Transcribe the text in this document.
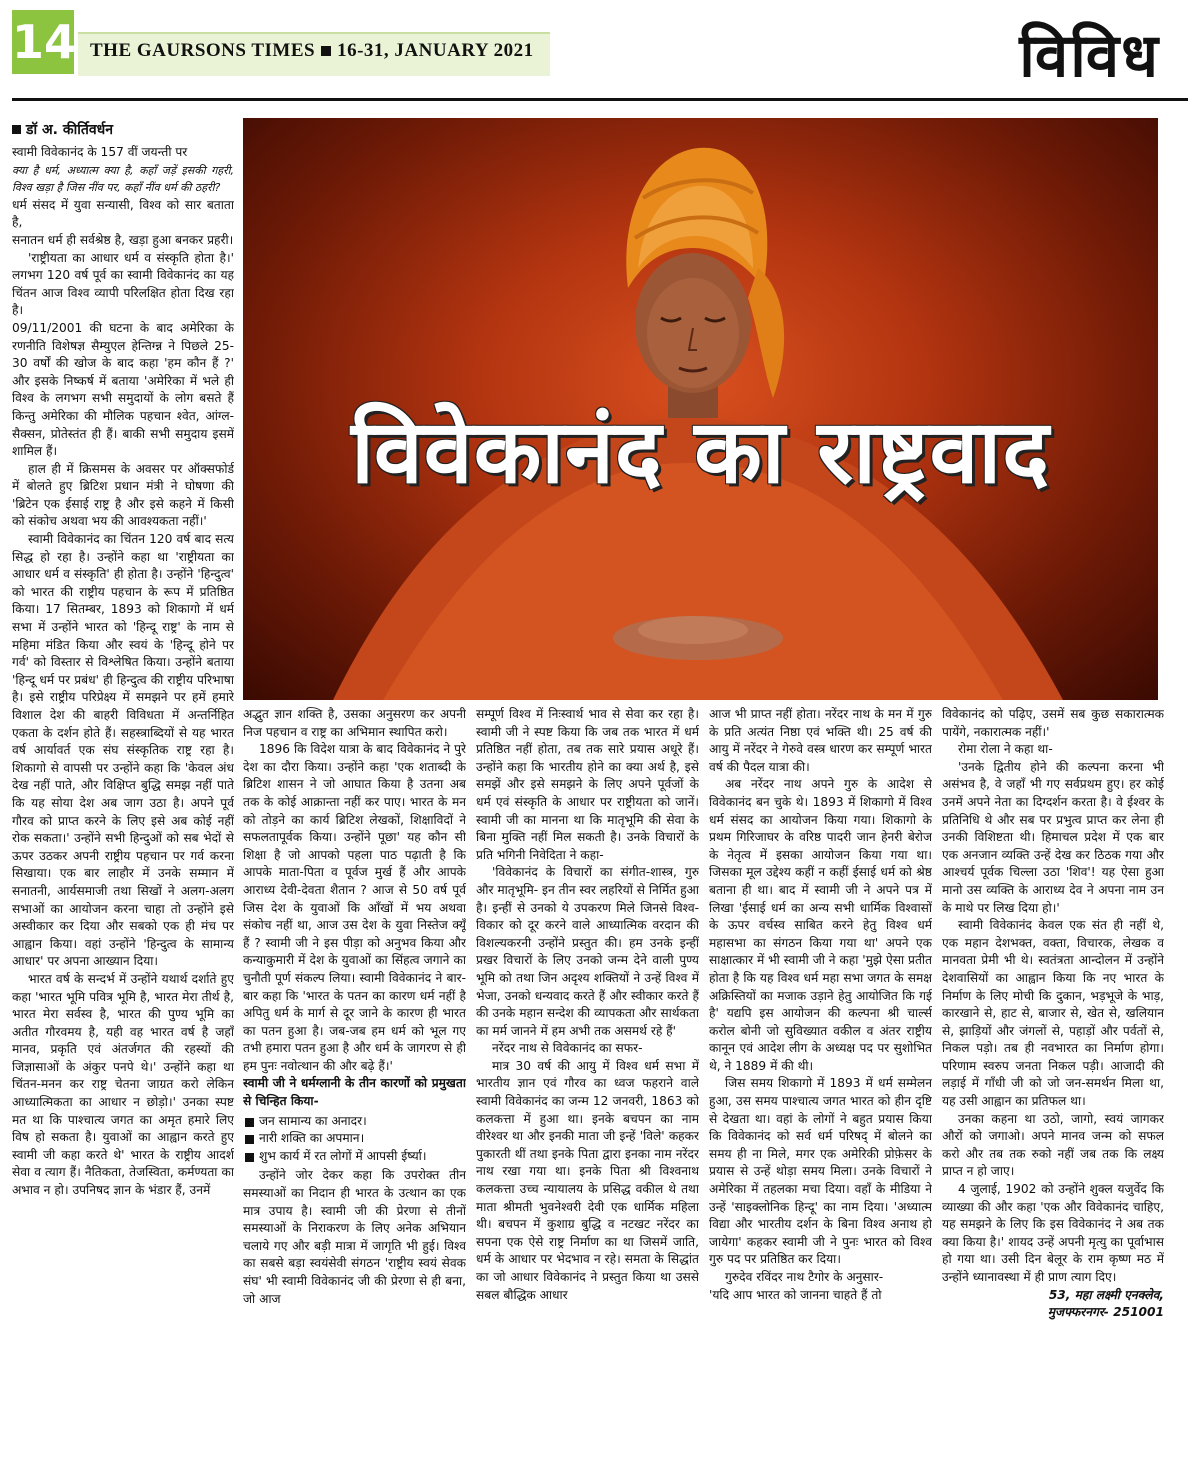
14 THE GAURSONS TIMES 16-31, JANUARY 2021	विविध
डॉ अ. कीर्तिवर्धन
विवेकानंद का राष्ट्रवाद

स्वामी विवेकानंद के 157 वीं जयन्ती पर

क्या है धर्म, अध्यात्म क्या है, कहाँ जड़ें इसकी गहरी, विश्व खड़ा है जिस नींव पर, कहाँ नींव धर्म की ठहरी?

धर्म संसद में युवा सन्यासी, विश्व को सार बताता है,

सनातन धर्म ही सर्वश्रेष्ठ है, खड़ा हुआ बनकर प्रहरी।

'राष्ट्रीयता का आधार धर्म व संस्कृति होता है।' लगभग 120 वर्ष पूर्व का स्वामी विवेकानंद का यह चिंतन आज विश्व व्यापी परिलक्षित होता दिख रहा है।

09/11/2001 की घटना के बाद अमेरिका के रणनीति विशेषज्ञ सैम्युएल हेन्तिग्न्न ने पिछले 25-30 वर्षों की खोज के बाद कहा 'हम कौन हैं ?' और इसके निष्कर्ष में बताया 'अमेरिका में भले ही विश्व के लगभग सभी समुदायों के लोग बसते हैं किन्तु अमेरिका की मौलिक पहचान श्वेत, आंग्ल-सैक्सन, प्रोतेस्तंत ही हैं। बाकी सभी समुदाय इसमें शामिल हैं।

हाल ही में क्रिसमस के अवसर पर ऑक्सफोर्ड में बोलते हुए ब्रिटिश प्रधान मंत्री ने घोषणा की 'ब्रिटेन एक ईसाई राष्ट्र है और इसे कहने में किसी को संकोच अथवा भय की आवश्यकता नहीं।'

स्वामी विवेकानंद का चिंतन 120 वर्ष बाद सत्य सिद्ध हो रहा है। उन्होंने कहा था 'राष्ट्रीयता का आधार धर्म व संस्कृति' ही होता है। उन्होंने 'हिन्दुत्व' को भारत की राष्ट्रीय पहचान के रूप में प्रतिष्ठित किया। 17 सितम्बर, 1893 को शिकागो में धर्म सभा में उन्होंने भारत को 'हिन्दू राष्ट्र' के नाम से महिमा मंडित किया और स्वयं के 'हिन्दू होने पर गर्व' को विस्तार से विश्लेषित किया। उन्होंने बताया 'हिन्दू धर्म पर प्रबंध' ही हिन्दुत्व की राष्ट्रीय परिभाषा है। इसे राष्ट्रीय परिप्रेक्ष्य में समझने पर हमें हमारे विशाल देश की बाहरी विविधता में अन्तर्निहित एकता के दर्शन होते हैं। सहस्त्राब्दियों से यह भारत वर्ष आर्यावर्त एक संघ संस्कृतिक राष्ट्र रहा है। शिकागो से वापसी पर उन्होंने कहा कि 'केवल अंध देख नहीं पाते, और विक्षिप्त बुद्धि समझ नहीं पाते कि यह सोया देश अब जाग उठा है। अपने पूर्व गौरव को प्राप्त करने के लिए इसे अब कोई नहीं रोक सकता।' उन्होंने सभी हिन्दुओं को सब भेदों से ऊपर उठकर अपनी राष्ट्रीय पहचान पर गर्व करना सिखाया। एक बार लाहौर में उनके सम्मान में सनातनी, आर्यसमाजी तथा सिखों ने अलग-अलग सभाओं का आयोजन करना चाहा तो उन्होंने इसे अस्वीकार कर दिया और सबको एक ही मंच पर आह्वान किया। वहां उन्होंने 'हिन्दुत्व के सामान्य आधार' पर अपना आख्यान दिया।

भारत वर्ष के सन्दर्भ में उन्होंने यथार्थ दर्शाते हुए कहा 'भारत भूमि पवित्र भूमि है, भारत मेरा तीर्थ है, भारत मेरा सर्वस्व है, भारत की पुण्य भूमि का अतीत गौरवमय है, यही वह भारत वर्ष है जहाँ मानव, प्रकृति एवं अंतर्जगत की रहस्यों की जिज्ञासाओं के अंकुर पनपे थे।' उन्होंने कहा था चिंतन-मनन कर राष्ट्र चेतना जाग्रत करो लेकिन आध्यात्मिकता का आधार न छोड़ो।' उनका स्पष्ट मत था कि पाश्चात्य जगत का अमृत हमारे लिए विष हो सकता है। युवाओं का आह्वान करते हुए स्वामी जी कहा करते थे' भारत के राष्ट्रीय आदर्श सेवा व त्याग हैं। नैतिकता, तेजस्विता, कर्मण्यता का अभाव न हो। उपनिषद ज्ञान के भंडार हैं, उनमें

अद्भुत ज्ञान शक्ति है, उसका अनुसरण कर अपनी निज पहचान व राष्ट्र का अभिमान स्थापित करो।

1896 कि विदेश यात्रा के बाद विवेकानंद ने पुरे देश का दौरा किया। उन्होंने कहा 'एक शताब्दी के ब्रिटिश शासन ने जो आघात किया है उतना अब तक के कोई आक्रान्ता नहीं कर पाए। भारत के मन को तोड़ने का कार्य ब्रिटिश लेखकों, शिक्षाविदों ने सफलतापूर्वक किया। उन्होंने पूछा' यह कौन सी शिक्षा है जो आपको पहला पाठ पढ़ाती है कि आपके माता-पिता व पूर्वज मुर्ख हैं और आपके आराध्य देवी-देवता शैतान ? आज से 50 वर्ष पूर्व जिस देश के युवाओं कि आँखों में भय अथवा संकोच नहीं था, आज उस देश के युवा निस्तेज क्यूँ हैं ? स्वामी जी ने इस पीड़ा को अनुभव किया और कन्याकुमारी में देश के युवाओं का सिंहत्व जगाने का चुनौती पूर्ण संकल्प लिया। स्वामी विवेकानंद ने बार-बार कहा कि 'भारत के पतन का कारण धर्म नहीं है अपितु धर्म के मार्ग से दूर जाने के कारण ही भारत का पतन हुआ है। जब-जब हम धर्म को भूल गए तभी हमारा पतन हुआ है और धर्म के जागरण से ही हम पुनः नवोत्थान की और बढ़े हैं।'

स्वामी जी ने धर्मग्लानी के तीन कारणों को प्रमुखता से चिन्हित किया-

जन सामान्य का अनादर।
नारी शक्ति का अपमान।
शुभ कार्य में रत लोगों में आपसी ईर्ष्या।

उन्होंने जोर देकर कहा कि उपरोक्त तीन समस्याओं का निदान ही भारत के उत्थान का एक मात्र उपाय है। स्वामी जी की प्रेरणा से तीनों समस्याओं के निराकरण के लिए अनेक अभियान चलाये गए और बड़ी मात्रा में जागृति भी हुई। विश्व का सबसे बड़ा स्वयंसेवी संगठन 'राष्ट्रीय स्वयं सेवक संघ' भी स्वामी विवेकानंद जी की प्रेरणा से ही बना, जो आज

सम्पूर्ण विश्व में निःस्वार्थ भाव से सेवा कर रहा है। स्वामी जी ने स्पष्ट किया कि जब तक भारत में धर्म प्रतिष्ठित नहीं होता, तब तक सारे प्रयास अधूरे हैं। उन्होंने कहा कि भारतीय होने का क्या अर्थ है, इसे समझें और इसे समझने के लिए अपने पूर्वजों के धर्म एवं संस्कृति के आधार पर राष्ट्रीयता को जानें। स्वामी जी का मानना था कि मातृभूमि की सेवा के बिना मुक्ति नहीं मिल सकती है। उनके विचारों के प्रति भगिनी निवेदिता ने कहा-

'विवेकानंद के विचारों का संगीत-शास्त्र, गुरु और मातृभूमि- इन तीन स्वर लहरियों से निर्मित हुआ है। इन्हीं से उनको ये उपकरण मिले जिनसे विश्व-विकार को दूर करने वाले आध्यात्मिक वरदान की विशल्यकरनी उन्होंने प्रस्तुत की। हम उनके इन्हीं प्रखर विचारों के लिए उनको जन्म देने वाली पुण्य भूमि को तथा जिन अदृश्य शक्तियों ने उन्हें विश्व में भेजा, उनको धन्यवाद करते हैं और स्वीकार करते हैं की उनके महान सन्देश की व्यापकता और सार्थकता का मर्म जानने में हम अभी तक असमर्थ रहे हैं'

नरेंदर नाथ से विवेकानंद का सफर-

मात्र 30 वर्ष की आयु में विश्व धर्म सभा में भारतीय ज्ञान एवं गौरव का ध्वज फहराने वाले स्वामी विवेकानंद का जन्म 12 जनवरी, 1863 को कलकत्ता में हुआ था। इनके बचपन का नाम वीरेश्वर था और इनकी माता जी इन्हें 'विले' कहकर पुकारती थीं तथा इनके पिता द्वारा इनका नाम नरेंदर नाथ रखा गया था। इनके पिता श्री विश्वनाथ कलकत्ता उच्च न्यायालय के प्रसिद्ध वकील थे तथा माता श्रीमती भुवनेश्वरी देवी एक धार्मिक महिला थी। बचपन में कुशाग्र बुद्धि व नटखट नरेंदर का सपना एक ऐसे राष्ट्र निर्माण का था जिसमें जाति, धर्म के आधार पर भेदभाव न रहे। समता के सिद्धांत का जो आधार विवेकानंद ने प्रस्तुत किया था उससे सबल बौद्धिक आधार

आज भी प्राप्त नहीं होता। नरेंदर नाथ के मन में गुरु के प्रति अत्यंत निष्ठा एवं भक्ति थी। 25 वर्ष की आयु में नरेंदर ने गेरुवे वस्त्र धारण कर सम्पूर्ण भारत वर्ष की पैदल यात्रा की।

अब नरेंदर नाथ अपने गुरु के आदेश से विवेकानंद बन चुके थे। 1893 में शिकागो में विश्व धर्म संसद का आयोजन किया गया। शिकागो के प्रथम गिरिजाघर के वरिष्ठ पादरी जान हेनरी बेरोज के नेतृत्व में इसका आयोजन किया गया था। जिसका मूल उद्देश्य कहीं न कहीं ईसाई धर्म को श्रेष्ठ बताना ही था। बाद में स्वामी जी ने अपने पत्र में लिखा 'ईसाई धर्म का अन्य सभी धार्मिक विश्वासों के ऊपर वर्चस्व साबित करने हेतु विश्व धर्म महासभा का संगठन किया गया था' अपने एक साक्षात्कार में भी स्वामी जी ने कहा 'मुझे ऐसा प्रतीत होता है कि यह विश्व धर्म महा सभा जगत के समक्ष अक्रिस्तियों का मजाक उड़ाने हेतु आयोजित कि गई है' यद्यपि इस आयोजन की कल्पना श्री चार्ल्स करोल बोनी जो सुविख्यात वकील व अंतर राष्ट्रीय कानून एवं आदेश लीग के अध्यक्ष पद पर सुशोभित थे, ने 1889 में की थी।

जिस समय शिकागो में 1893 में धर्म सम्मेलन हुआ, उस समय पाश्चात्य जगत भारत को हीन दृष्टि से देखता था। वहां के लोगों ने बहुत प्रयास किया कि विवेकानंद को सर्व धर्म परिषद् में बोलने का समय ही ना मिले, मगर एक अमेरिकी प्रोफ़ेसर के प्रयास से उन्हें थोड़ा समय मिला। उनके विचारों ने अमेरिका में तहलका मचा दिया। वहाँ के मीडिया ने उन्हें 'साइक्लोनिक हिन्दू' का नाम दिया। 'अध्यात्म विद्या और भारतीय दर्शन के बिना विश्व अनाथ हो जायेगा' कहकर स्वामी जी ने पुनः भारत को विश्व गुरु पद पर प्रतिष्ठित कर दिया।

गुरुदेव रविंदर नाथ टैगोर के अनुसार-

'यदि आप भारत को जानना चाहते हैं तो

विवेकानंद को पढ़िए, उसमें सब कुछ सकारात्मक पायेंगे, नकारात्मक नहीं।'

रोमा रोला ने कहा था-

'उनके द्वितीय होने की कल्पना करना भी असंभव है, वे जहाँ भी गए सर्वप्रथम हुए। हर कोई उनमें अपने नेता का दिग्दर्शन करता है। वे ईश्वर के प्रतिनिधि थे और सब पर प्रभुत्व प्राप्त कर लेना ही उनकी विशिष्टता थी। हिमाचल प्रदेश में एक बार एक अनजान व्यक्ति उन्हें देख कर ठिठक गया और आश्चर्य पूर्वक चिल्ला उठा 'शिव'! यह ऐसा हुआ मानो उस व्यक्ति के आराध्य देव ने अपना नाम उन के माथे पर लिख दिया हो।'

स्वामी विवेकानंद केवल एक संत ही नहीं थे, एक महान देशभक्त, वक्ता, विचारक, लेखक व मानवता प्रेमी भी थे। स्वतंत्रता आन्दोलन में उन्होंने देशवासियों का आह्वान किया कि नए भारत के निर्माण के लिए मोची कि दुकान, भड़भूजे के भाड़, कारखाने से, हाट से, बाजार से, खेत से, खलियान से, झाड़ियों और जंगलों से, पहाड़ों और पर्वतों से, निकल पड़ो। तब ही नवभारत का निर्माण होगा। परिणाम स्वरुप जनता निकल पड़ी। आजादी की लड़ाई में गाँधी जी को जो जन-समर्थन मिला था, यह उसी आह्वान का प्रतिफल था।

उनका कहना था उठो, जागो, स्वयं जागकर औरों को जगाओ। अपने मानव जन्म को सफल करो और तब तक रुको नहीं जब तक कि लक्ष्य प्राप्त न हो जाए।

4 जुलाई, 1902 को उन्होंने शुक्ल यजुर्वेद कि व्याख्या की और कहा 'एक और विवेकानंद चाहिए, यह समझने के लिए कि इस विवेकानंद ने अब तक क्या किया है।' शायद उन्हें अपनी मृत्यु का पूर्वाभास हो गया था। उसी दिन बेलूर के राम कृष्ण मठ में उन्होंने ध्यानावस्था में ही प्राण त्याग दिए।

53, महा लक्ष्मी एनक्लेव,

मुजफ्फरनगर- 251001
